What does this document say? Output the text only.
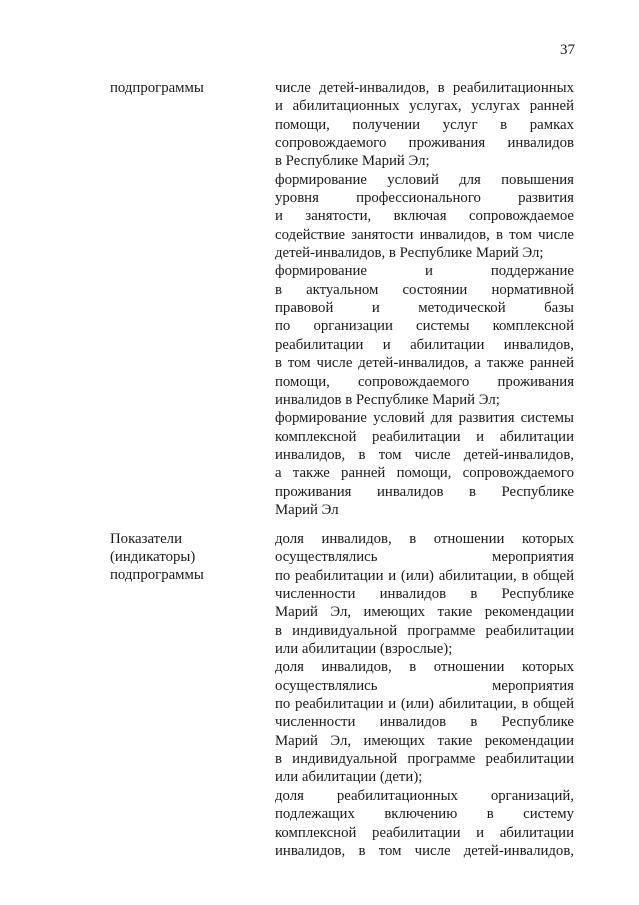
37
подпрограммы	числе детей-инвалидов, в реабилитационных
и абилитационных услугах, услугах ранней
помощи, получении услуг в рамках
сопровождаемого проживания инвалидов
в Республике Марий Эл;
формирование условий для повышения
уровня профессионального развития
и занятости, включая сопровождаемое
содействие занятости инвалидов, в том числе
детей-инвалидов, в Республике Марий Эл;
формирование и поддержание
в актуальном состоянии нормативной
правовой и методической базы
по организации системы комплексной
реабилитации и абилитации инвалидов,
в том числе детей-инвалидов, а также ранней
помощи, сопровождаемого проживания
инвалидов в Республике Марий Эл;
формирование условий для развития системы
комплексной реабилитации и абилитации
инвалидов, в том числе детей-инвалидов,
а также ранней помощи, сопровождаемого
проживания инвалидов в Республике
Марий Эл
Показатели
(индикаторы)
подпрограммы
доля инвалидов, в отношении которых
осуществлялись мероприятия
по реабилитации и (или) абилитации, в общей
численности инвалидов в Республике
Марий Эл, имеющих такие рекомендации
в индивидуальной программе реабилитации
или абилитации (взрослые);
доля инвалидов, в отношении которых
осуществлялись мероприятия
по реабилитации и (или) абилитации, в общей
численности инвалидов в Республике
Марий Эл, имеющих такие рекомендации
в индивидуальной программе реабилитации
или абилитации (дети);
доля реабилитационных организаций,
подлежащих включению в систему
комплексной реабилитации и абилитации
инвалидов, в том числе детей-инвалидов,
